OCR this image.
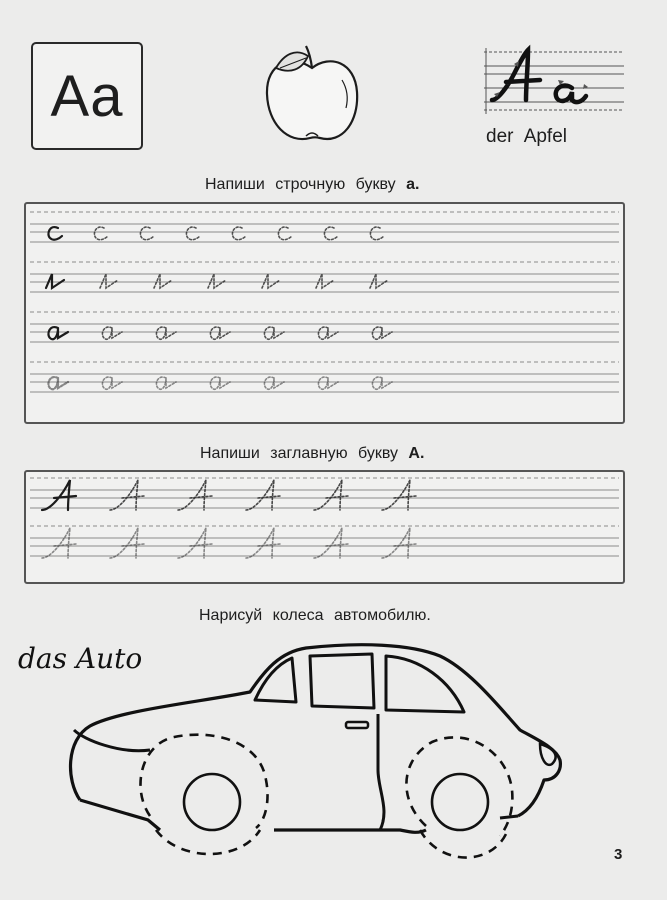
Aa
der Apfel
Напиши строчную букву а.
Напиши заглавную букву А.
Нарисуй колеса автомобилю.
das Auto
3
